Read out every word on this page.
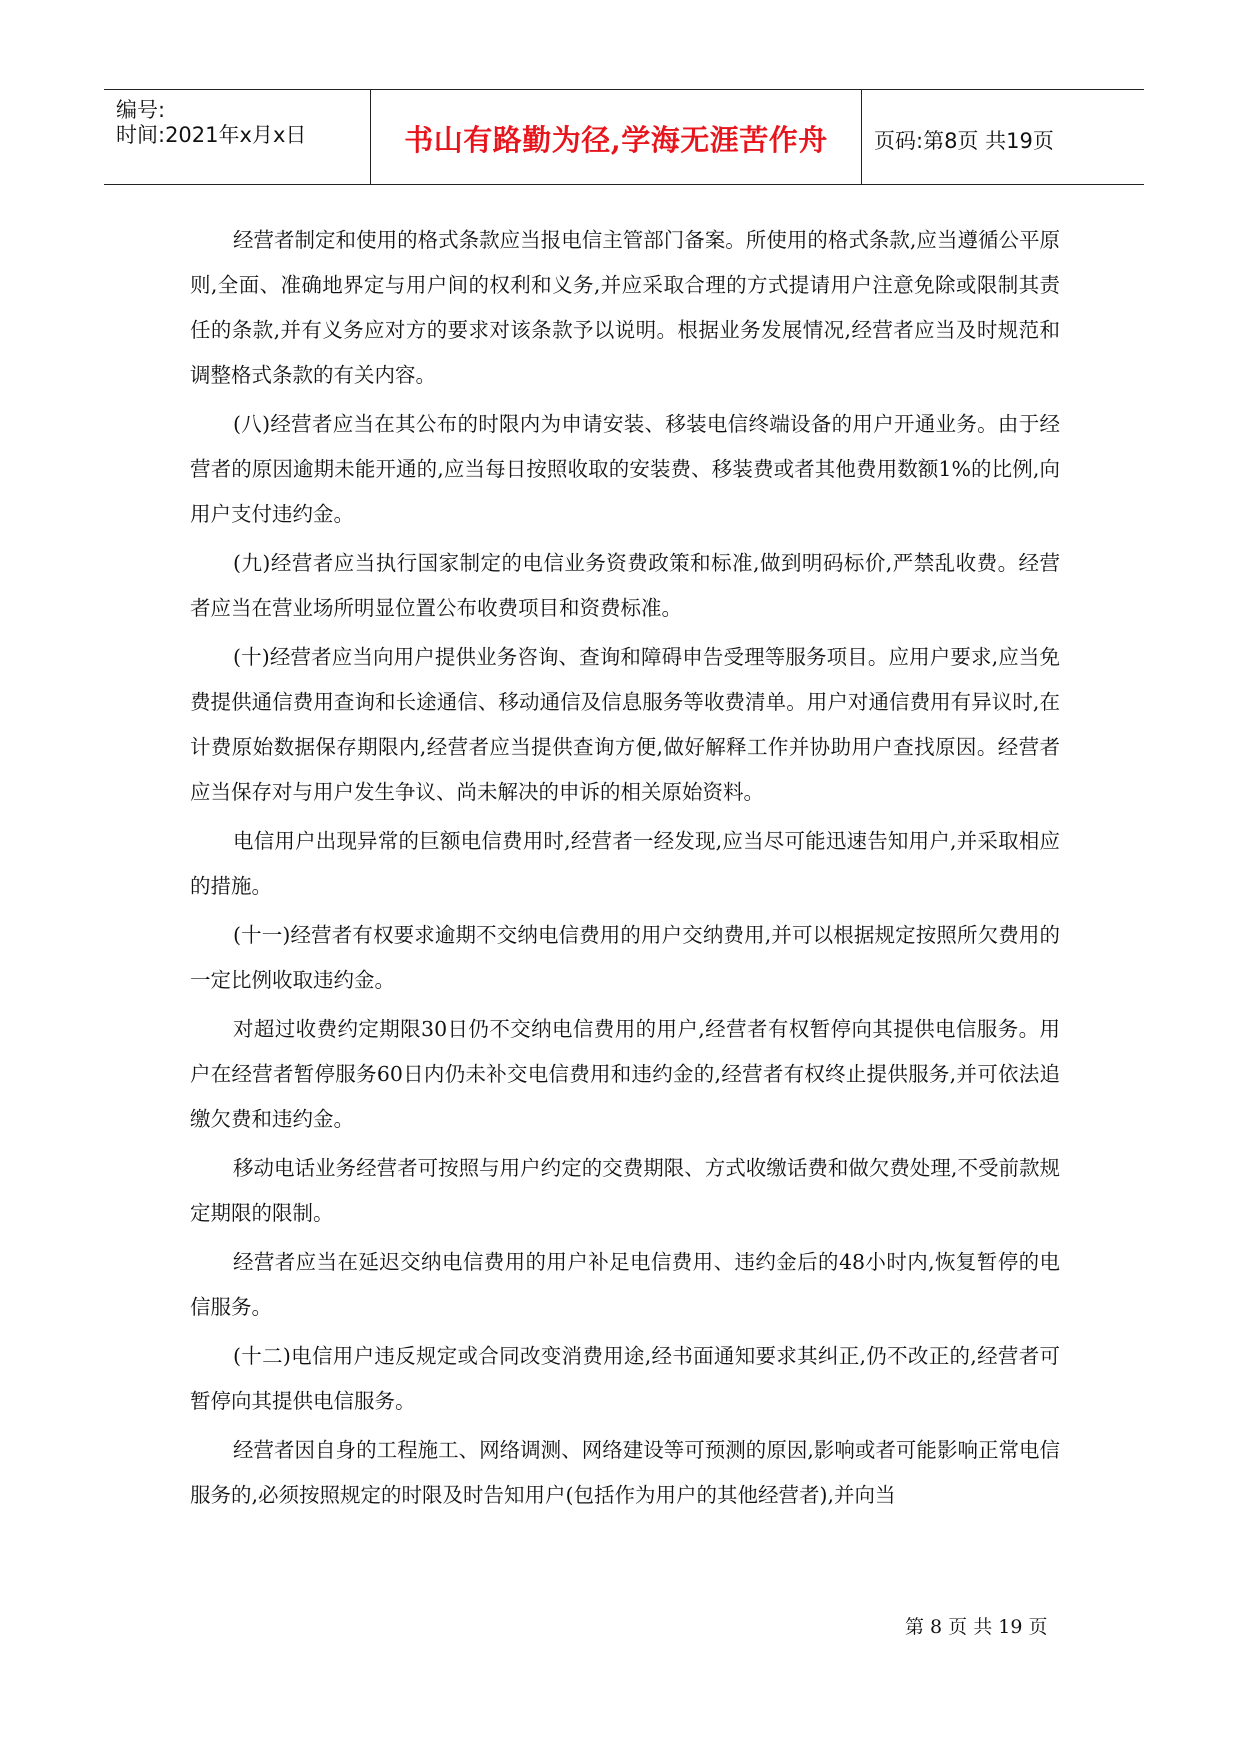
编号:
时间:2021年x月x日	书山有路勤为径,学海无涯苦作舟	页码:第8页 共19页

经营者制定和使用的格式条款应当报电信主管部门备案。所使用的格式条款,应当遵循公平原则,全面、准确地界定与用户间的权利和义务,并应采取合理的方式提请用户注意免除或限制其责任的条款,并有义务应对方的要求对该条款予以说明。根据业务发展情况,经营者应当及时规范和调整格式条款的有关内容。

(八)经营者应当在其公布的时限内为申请安装、移装电信终端设备的用户开通业务。由于经营者的原因逾期未能开通的,应当每日按照收取的安装费、移装费或者其他费用数额1%的比例,向用户支付违约金。

(九)经营者应当执行国家制定的电信业务资费政策和标准,做到明码标价,严禁乱收费。经营者应当在营业场所明显位置公布收费项目和资费标准。

(十)经营者应当向用户提供业务咨询、查询和障碍申告受理等服务项目。应用户要求,应当免费提供通信费用查询和长途通信、移动通信及信息服务等收费清单。用户对通信费用有异议时,在计费原始数据保存期限内,经营者应当提供查询方便,做好解释工作并协助用户查找原因。经营者应当保存对与用户发生争议、尚未解决的申诉的相关原始资料。

电信用户出现异常的巨额电信费用时,经营者一经发现,应当尽可能迅速告知用户,并采取相应的措施。

(十一)经营者有权要求逾期不交纳电信费用的用户交纳费用,并可以根据规定按照所欠费用的一定比例收取违约金。

对超过收费约定期限30日仍不交纳电信费用的用户,经营者有权暂停向其提供电信服务。用户在经营者暂停服务60日内仍未补交电信费用和违约金的,经营者有权终止提供服务,并可依法追缴欠费和违约金。

移动电话业务经营者可按照与用户约定的交费期限、方式收缴话费和做欠费处理,不受前款规定期限的限制。

经营者应当在延迟交纳电信费用的用户补足电信费用、违约金后的48小时内,恢复暂停的电信服务。

(十二)电信用户违反规定或合同改变消费用途,经书面通知要求其纠正,仍不改正的,经营者可暂停向其提供电信服务。

经营者因自身的工程施工、网络调测、网络建设等可预测的原因,影响或者可能影响正常电信服务的,必须按照规定的时限及时告知用户(包括作为用户的其他经营者),并向当

第 8 页 共 19 页
